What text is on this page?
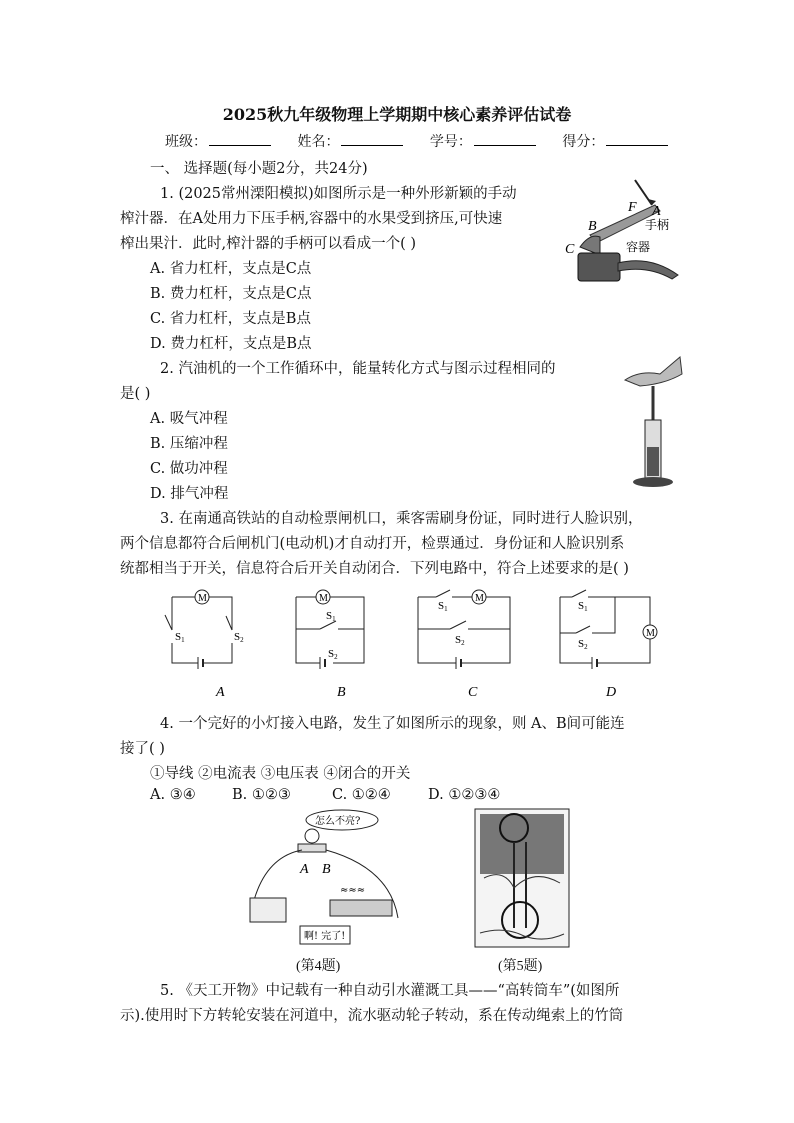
2025秋九年级物理上学期期中核心素养评估试卷
班级：	姓名：	学号：	得分：
一、 选择题(每小题2分，共24分)
1. (2025常州溧阳模拟)如图所示是一种外形新颖的手动
榨汁器．在A处用力下压手柄,容器中的水果受到挤压,可快速
榨出果汁．此时,榨汁器的手柄可以看成一个( )
A. 省力杠杆，支点是C点
B. 费力杠杆，支点是C点
C. 省力杠杆，支点是B点
D. 费力杠杆，支点是B点
F A
B
C
手柄
容器
2. 汽油机的一个工作循环中，能量转化方式与图示过程相同的
是( )
A. 吸气冲程
B. 压缩冲程
C. 做功冲程
D. 排气冲程
3. 在南通高铁站的自动检票闸机口，乘客需刷身份证，同时进行人脸识别，
两个信息都符合后闸机门(电动机)才自动打开，检票通过．身份证和人脸识别系
统都相当于开关，信息符合后开关自动闭合．下列电路中，符合上述要求的是( )
M
S1	S2
A
M
S1
S2
B
M
S1
S2
C
M
S1
S2
D
4. 一个完好的小灯接入电路，发生了如图所示的现象，则 A、B间可能连
接了( )
①导线 ②电流表 ③电压表 ④闭合的开关
A. ③④	B. ①②③	C. ①②④	D. ①②③④
怎么不亮?
A B
≈≈≈
啊! 完了!
(第4题)	(第5题)
5. 《天工开物》中记载有一种自动引水灌溉工具——“高转筒车”(如图所
示).使用时下方转轮安装在河道中，流水驱动轮子转动，系在传动绳索上的竹筒
